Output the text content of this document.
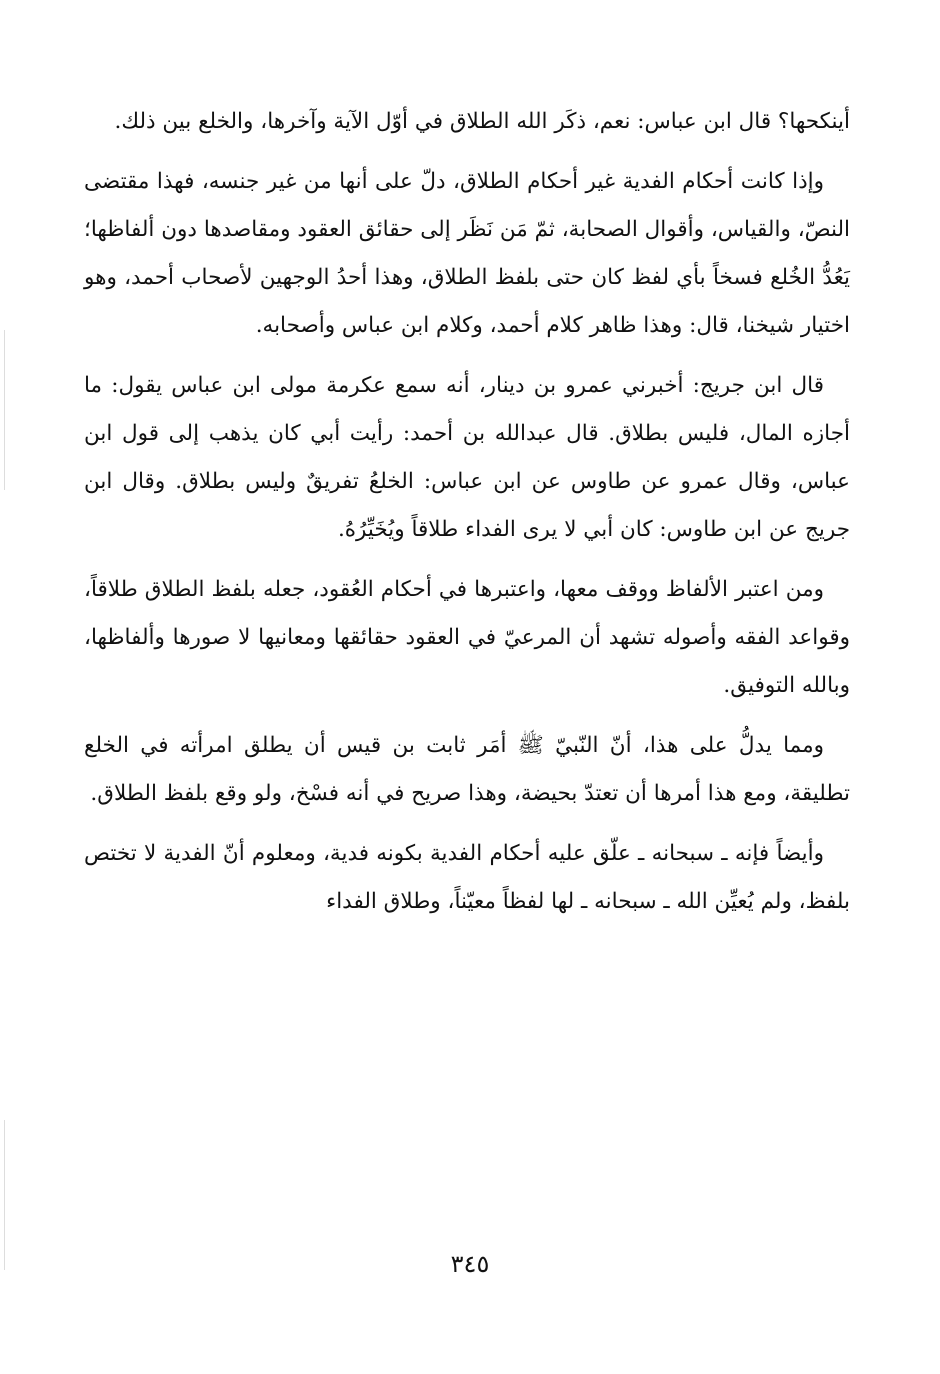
أينكحها؟ قال ابن عباس: نعم، ذكَر الله الطلاق في أوّل الآية وآخرها، والخلع بين ذلك.

وإذا كانت أحكام الفدية غير أحكام الطلاق، دلّ على أنها من غير جنسه، فهذا مقتضى النصّ، والقياس، وأقوال الصحابة، ثمّ مَن نَظَر إلى حقائق العقود ومقاصدها دون ألفاظها؛ يَعُدُّ الخُلع فسخاً بأي لفظ كان حتى بلفظ الطلاق، وهذا أحدُ الوجهين لأصحاب أحمد، وهو اختيار شيخنا، قال: وهذا ظاهر كلام أحمد، وكلام ابن عباس وأصحابه.

قال ابن جريج: أخبرني عمرو بن دينار، أنه سمع عكرمة مولى ابن عباس يقول: ما أجازه المال، فليس بطلاق. قال عبدالله بن أحمد: رأيت أبي كان يذهب إلى قول ابن عباس، وقال عمرو عن طاوس عن ابن عباس: الخلعُ تفريقٌ وليس بطلاق. وقال ابن جريج عن ابن طاوس: كان أبي لا يرى الفداء طلاقاً ويُخَيِّرُهُ.

ومن اعتبر الألفاظ ووقف معها، واعتبرها في أحكام العُقود، جعله بلفظ الطلاق طلاقاً، وقواعد الفقه وأصوله تشهد أن المرعيّ في العقود حقائقها ومعانيها لا صورها وألفاظها، وبالله التوفيق.

ومما يدلُّ على هذا، أنّ النّبيّ ﷺ أمَر ثابت بن قيس أن يطلق امرأته في الخلع تطليقة، ومع هذا أمرها أن تعتدّ بحيضة، وهذا صريح في أنه فسْخ، ولو وقع بلفظ الطلاق.

وأيضاً فإنه ـ سبحانه ـ علّق عليه أحكام الفدية بكونه فدية، ومعلوم أنّ الفدية لا تختص بلفظ، ولم يُعيِّن الله ـ سبحانه ـ لها لفظاً معيّناً، وطلاق الفداء

٣٤٥
